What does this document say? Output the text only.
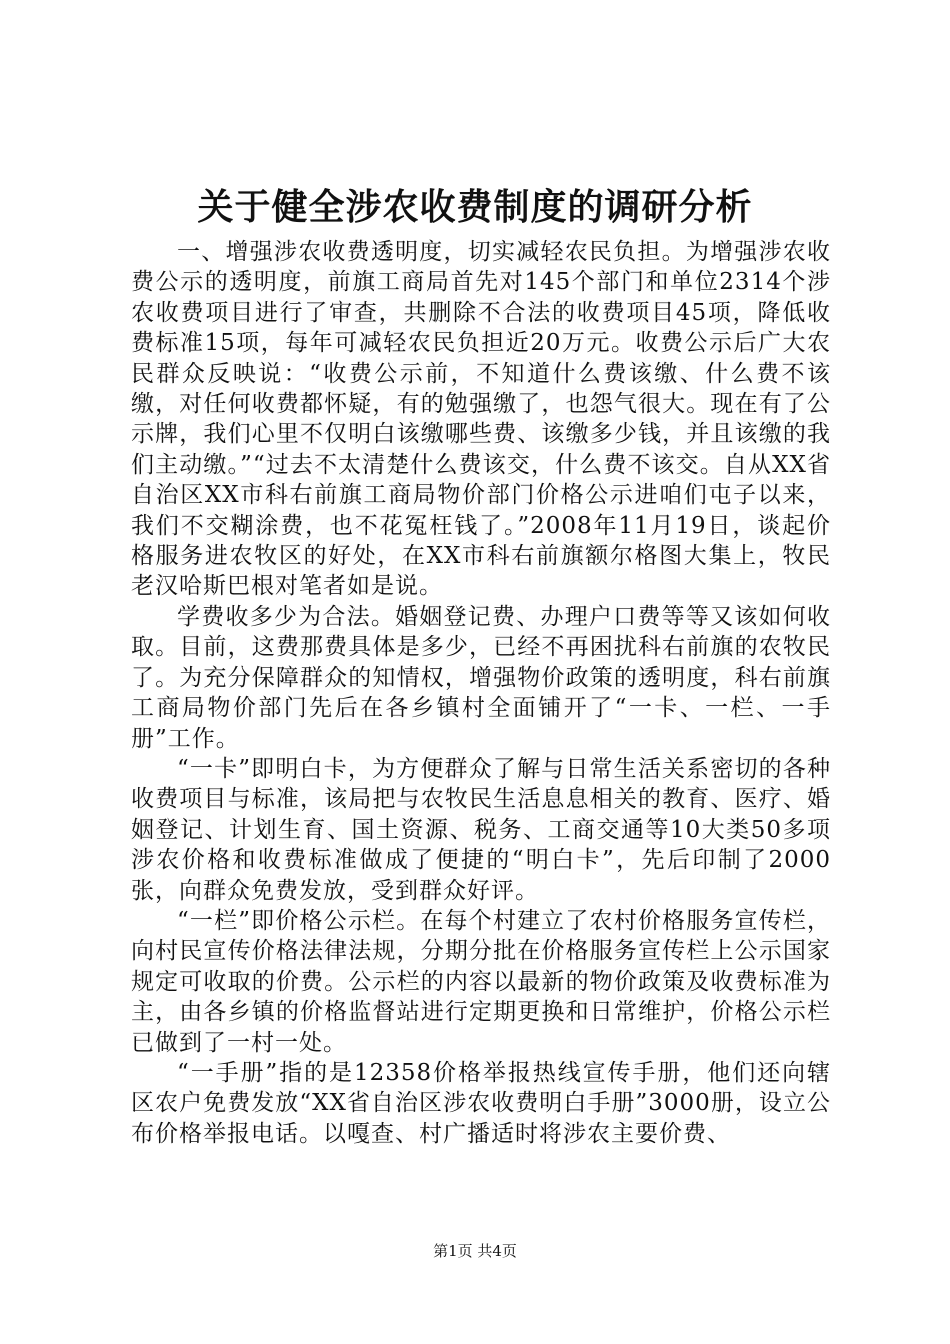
关于健全涉农收费制度的调研分析

一、增强涉农收费透明度，切实减轻农民负担。为增强涉农收费公示的透明度，前旗工商局首先对145个部门和单位2314个涉农收费项目进行了审查，共删除不合法的收费项目45项，降低收费标准15项，每年可减轻农民负担近20万元。收费公示后广大农民群众反映说：“收费公示前，不知道什么费该缴、什么费不该缴，对任何收费都怀疑，有的勉强缴了，也怨气很大。现在有了公示牌，我们心里不仅明白该缴哪些费、该缴多少钱，并且该缴的我们主动缴。”“过去不太清楚什么费该交，什么费不该交。自从XX省自治区XX市科右前旗工商局物价部门价格公示进咱们屯子以来，我们不交糊涂费，也不花冤枉钱了。”2008年11月19日，谈起价格服务进农牧区的好处，在XX市科右前旗额尔格图大集上，牧民老汉哈斯巴根对笔者如是说。

学费收多少为合法。婚姻登记费、办理户口费等等又该如何收取。目前，这费那费具体是多少，已经不再困扰科右前旗的农牧民了。为充分保障群众的知情权，增强物价政策的透明度，科右前旗工商局物价部门先后在各乡镇村全面铺开了“一卡、一栏、一手册”工作。

“一卡”即明白卡，为方便群众了解与日常生活关系密切的各种收费项目与标准，该局把与农牧民生活息息相关的教育、医疗、婚姻登记、计划生育、国土资源、税务、工商交通等10大类50多项涉农价格和收费标准做成了便捷的“明白卡”，先后印制了2000张，向群众免费发放，受到群众好评。

“一栏”即价格公示栏。在每个村建立了农村价格服务宣传栏，向村民宣传价格法律法规，分期分批在价格服务宣传栏上公示国家规定可收取的价费。公示栏的内容以最新的物价政策及收费标准为主，由各乡镇的价格监督站进行定期更换和日常维护，价格公示栏已做到了一村一处。

“一手册”指的是12358价格举报热线宣传手册，他们还向辖区农户免费发放“XX省自治区涉农收费明白手册”3000册，设立公布价格举报电话。以嘎查、村广播适时将涉农主要价费、

第1页 共4页
